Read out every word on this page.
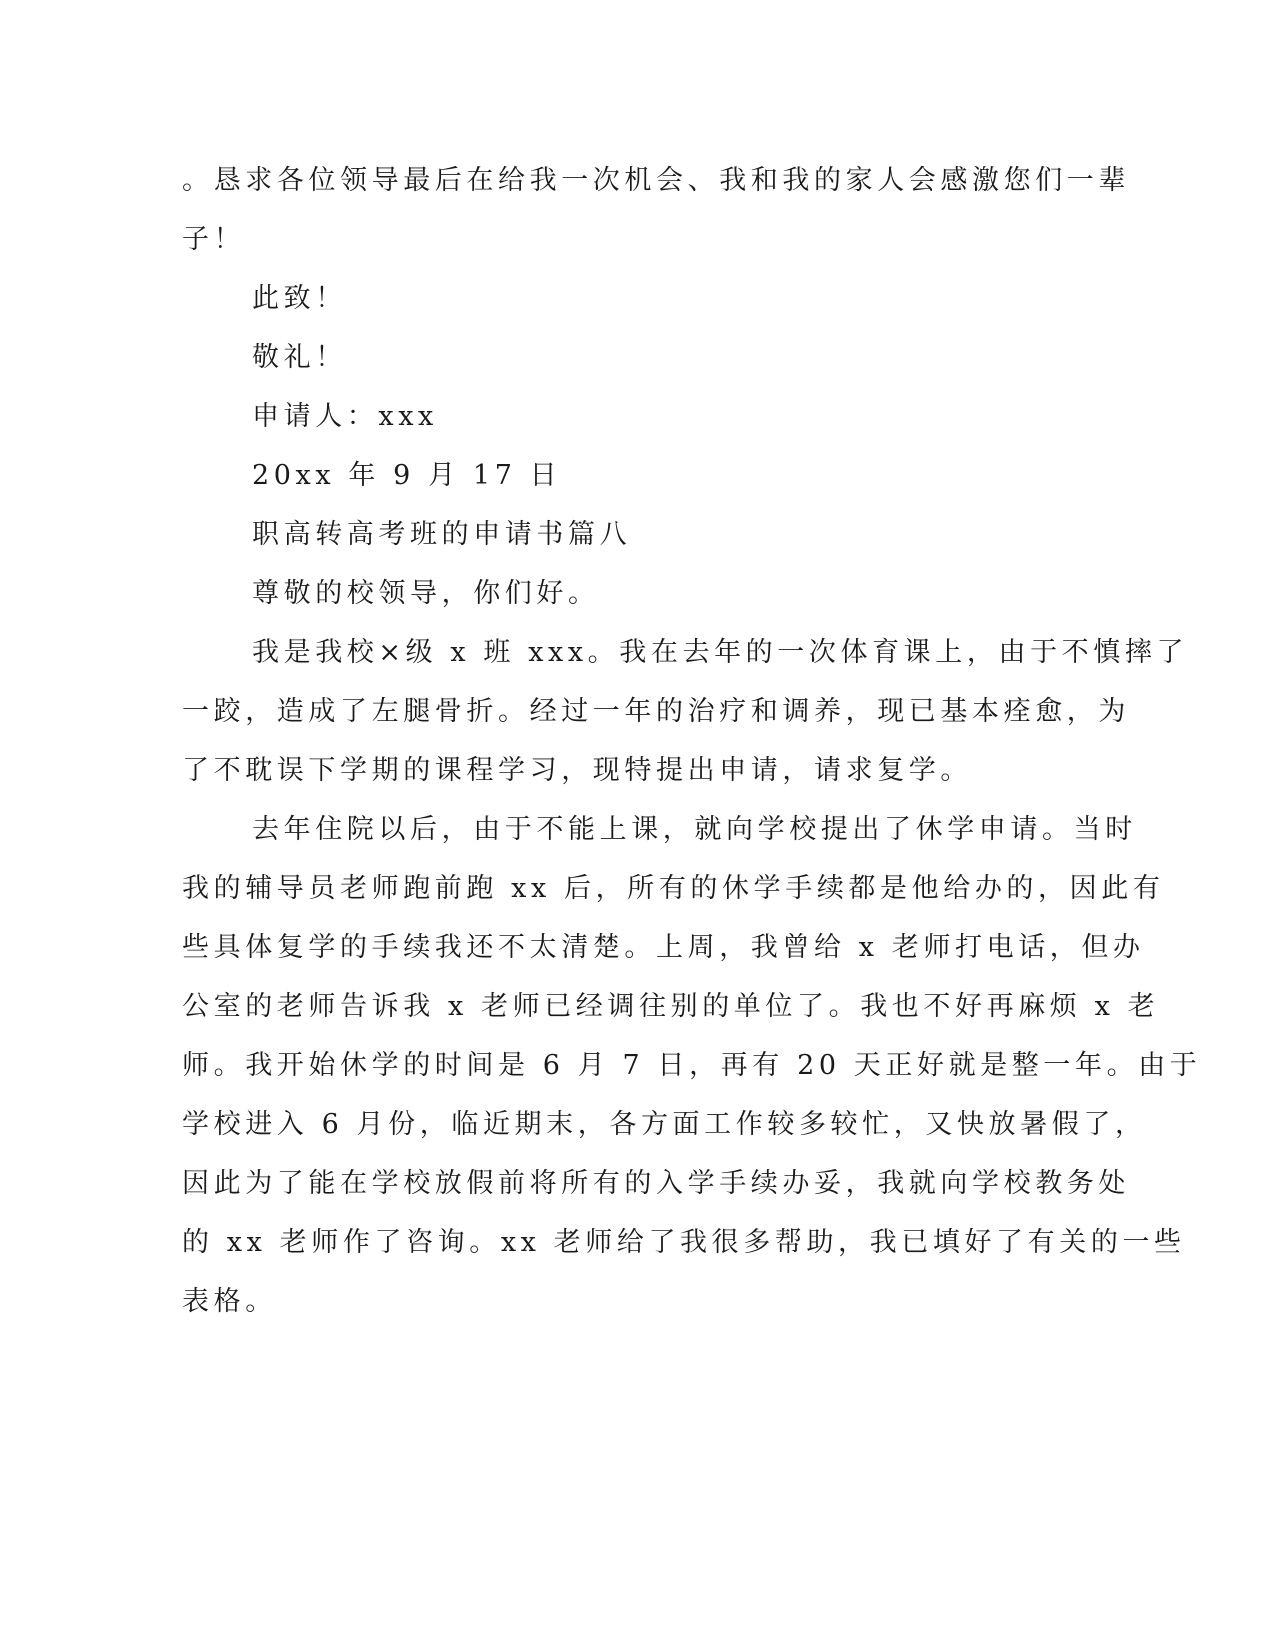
。恳求各位领导最后在给我一次机会、我和我的家人会感激您们一辈

子！

此致！

敬礼！

申请人：xxx

20xx 年 9 月 17 日

职高转高考班的申请书篇八

尊敬的校领导，你们好。

我是我校×级 x 班 xxx。我在去年的一次体育课上，由于不慎摔了

一跤，造成了左腿骨折。经过一年的治疗和调养，现已基本痊愈，为

了不耽误下学期的课程学习，现特提出申请，请求复学。

去年住院以后，由于不能上课，就向学校提出了休学申请。当时

我的辅导员老师跑前跑 xx 后，所有的休学手续都是他给办的，因此有

些具体复学的手续我还不太清楚。上周，我曾给 x 老师打电话，但办

公室的老师告诉我 x 老师已经调往别的单位了。我也不好再麻烦 x 老

师。我开始休学的时间是 6 月 7 日，再有 20 天正好就是整一年。由于

学校进入 6 月份，临近期末，各方面工作较多较忙，又快放暑假了，

因此为了能在学校放假前将所有的入学手续办妥，我就向学校教务处

的 xx 老师作了咨询。xx 老师给了我很多帮助，我已填好了有关的一些

表格。
